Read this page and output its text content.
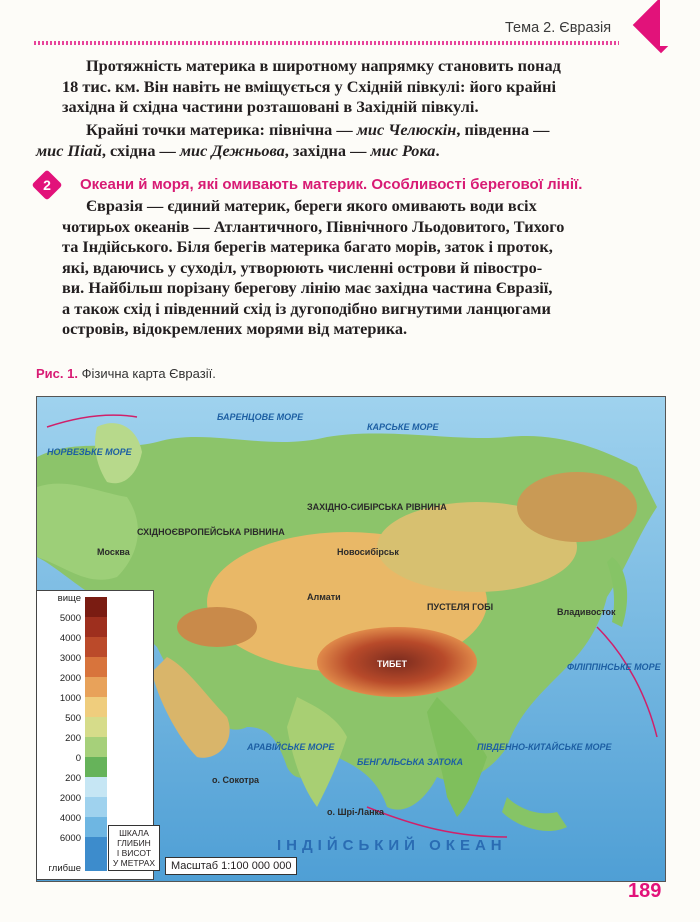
Тема 2. Євразія
Протяжність материка в широтному напрямку становить понад
18 тис. км. Він навіть не вміщується у Східній півкулі: його крайні
західна й східна частини розташовані в Західній півкулі.
Крайні точки материка: північна — мис Челюскін, південна —
мис Піай, східна — мис Дежньова, західна — мис Рока.
2	Океани й моря, які омивають материк. Особливості берегової лінії.
Євразія — єдиний материк, береги якого омивають води всіх
чотирьох океанів — Атлантичного, Північного Льодовитого, Тихого
та Індійського. Біля берегів материка багато морів, заток і проток,
які, вдаючись у суходіл, утворюють численні острови й півостро-
ви. Найбільш порізану берегову лінію має західна частина Євразії,
а також схід і південний схід із дугоподібно вигнутими ланцюгами
островів, відокремлених морями від материка.
Рис. 1. Фізична карта Євразії.
БАРЕНЦОВЕ МОРЕ
КАРСЬКЕ МОРЕ
НОРВЕЗЬКЕ МОРЕ
ЗАХІДНО-СИБІРСЬКА РІВНИНА
СХІДНОЄВРОПЕЙСЬКА РІВНИНА
ПУСТЕЛЯ ГОБІ
ТИБЕТ
Москва
Алмати
Новосибірськ
Владивосток
АРАВІЙСЬКЕ МОРЕ
БЕНГАЛЬСЬКА ЗАТОКА
ПІВДЕННО-КИТАЙСЬКЕ МОРЕ
ФІЛІППІНСЬКЕ МОРЕ
о. Сокотра
о. Шрі-Ланка
ІНДІЙСЬКИЙ ОКЕАН
вище
5000
4000
3000
2000
1000
500
200
0
200
2000
4000
6000
глибше
ШКАЛА
ГЛИБИН
І ВИСОТ
У МЕТРАХ	Масштаб 1:100 000 000
189
